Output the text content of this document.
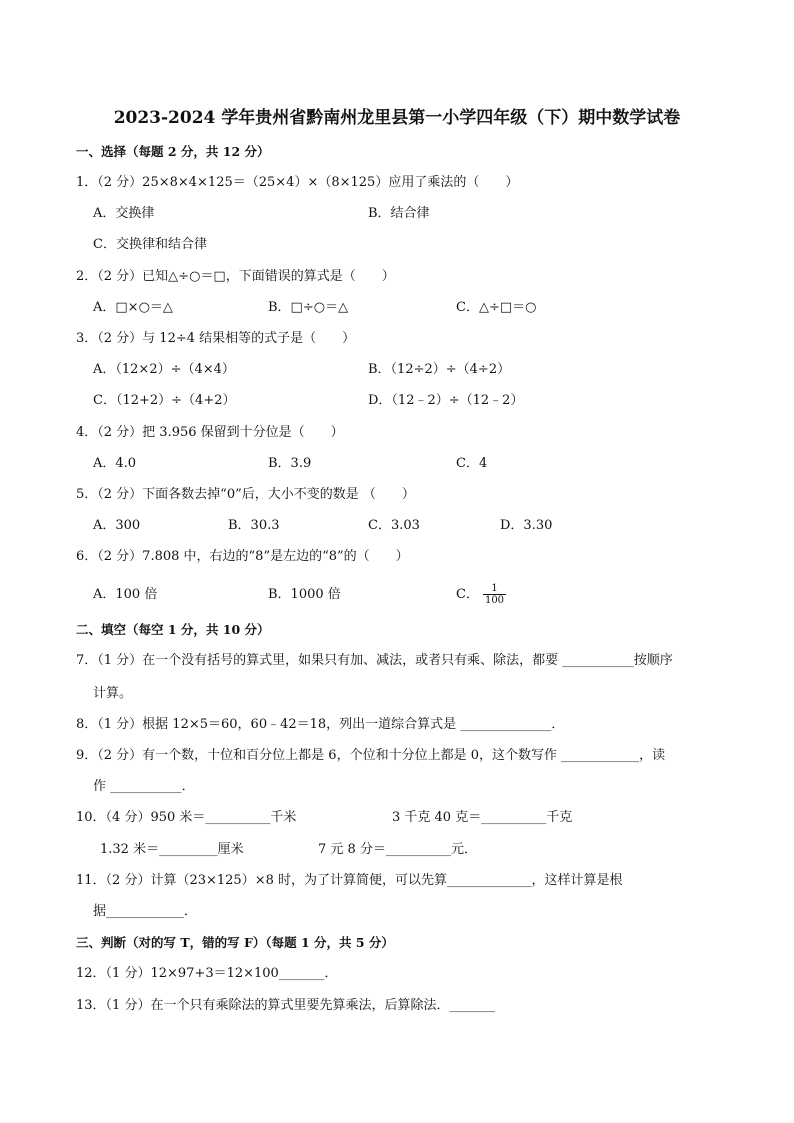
2023-2024 学年贵州省黔南州龙里县第一小学四年级（下）期中数学试卷
一、选择（每题 2 分，共 12 分）
1．（2 分）25×8×4×125＝（25×4）×（8×125）应用了乘法的（　　）
A．交换律	B．结合律
C．交换律和结合律
2．（2 分）已知△÷○＝□，下面错误的算式是（　　）
A．□×○＝△	B．□÷○＝△	C．△÷□＝○
3．（2 分）与 12÷4 结果相等的式子是（　　）
A．（12×2）÷（4×4）	B．（12÷2）÷（4÷2）
C．（12+2）÷（4+2）	D．（12﹣2）÷（12﹣2）
4．（2 分）把 3.956 保留到十分位是（　　）
A．4.0	B．3.9	C．4
5．（2 分）下面各数去掉“0”后，大小不变的数是 （　　）
A．300	B．30.3	C．3.03	D．3.30
6．（2 分）7.808 中，右边的“8”是左边的“8”的（　　）
A．100 倍	B．1000 倍	C． $\frac{1}{100}$
二、填空（每空 1 分，共 10 分）
7．（1 分）在一个没有括号的算式里，如果只有加、减法，或者只有乘、除法，都要 ___________按顺序
计算。
8．（1 分）根据 12×5＝60，60﹣42＝18，列出一道综合算式是 ______________．
9．（2 分）有一个数，十位和百分位上都是 6，个位和十分位上都是 0，这个数写作 ____________，读
作 ___________．
10．（4 分）950 米＝__________千米	3 千克 40 克＝__________千克
1.32 米＝_________厘米	7 元 8 分＝__________元．
11．（2 分）计算（23×125）×8 时，为了计算简便，可以先算_____________，这样计算是根
据____________．
三、判断（对的写 T，错的写 F）（每题 1 分，共 5 分）
12．（1 分）12×97+3＝12×100_______．
13．（1 分）在一个只有乘除法的算式里要先算乘法，后算除法．_______
